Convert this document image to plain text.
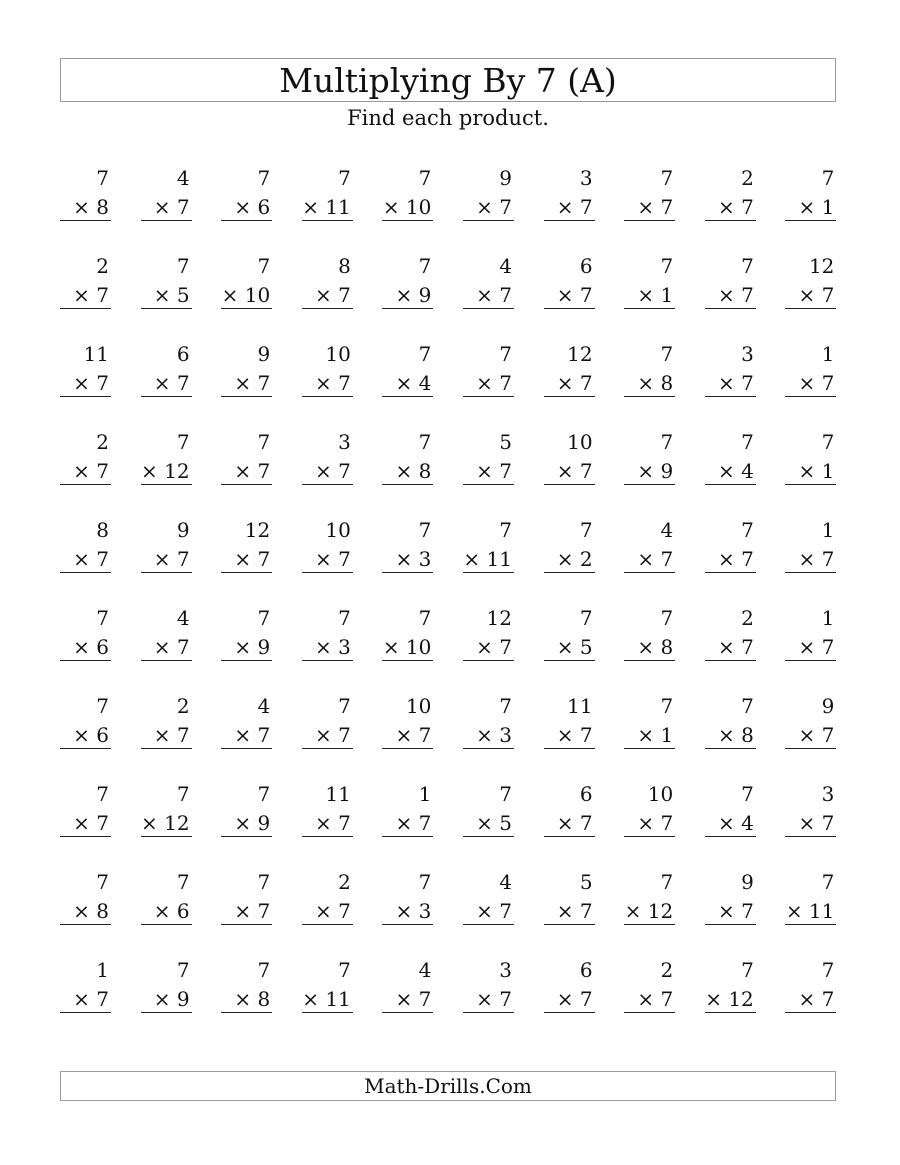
Multiplying By 7 (A)
Find each product.
7
× 8
4
× 7
7
× 6
7
× 11
7
× 10
9
× 7
3
× 7
7
× 7
2
× 7
7
× 1
2
× 7
7
× 5
7
× 10
8
× 7
7
× 9
4
× 7
6
× 7
7
× 1
7
× 7
12
× 7
11
× 7
6
× 7
9
× 7
10
× 7
7
× 4
7
× 7
12
× 7
7
× 8
3
× 7
1
× 7
2
× 7
7
× 12
7
× 7
3
× 7
7
× 8
5
× 7
10
× 7
7
× 9
7
× 4
7
× 1
8
× 7
9
× 7
12
× 7
10
× 7
7
× 3
7
× 11
7
× 2
4
× 7
7
× 7
1
× 7
7
× 6
4
× 7
7
× 9
7
× 3
7
× 10
12
× 7
7
× 5
7
× 8
2
× 7
1
× 7
7
× 6
2
× 7
4
× 7
7
× 7
10
× 7
7
× 3
11
× 7
7
× 1
7
× 8
9
× 7
7
× 7
7
× 12
7
× 9
11
× 7
1
× 7
7
× 5
6
× 7
10
× 7
7
× 4
3
× 7
7
× 8
7
× 6
7
× 7
2
× 7
7
× 3
4
× 7
5
× 7
7
× 12
9
× 7
7
× 11
1
× 7
7
× 9
7
× 8
7
× 11
4
× 7
3
× 7
6
× 7
2
× 7
7
× 12
7
× 7
Math-Drills.Com
